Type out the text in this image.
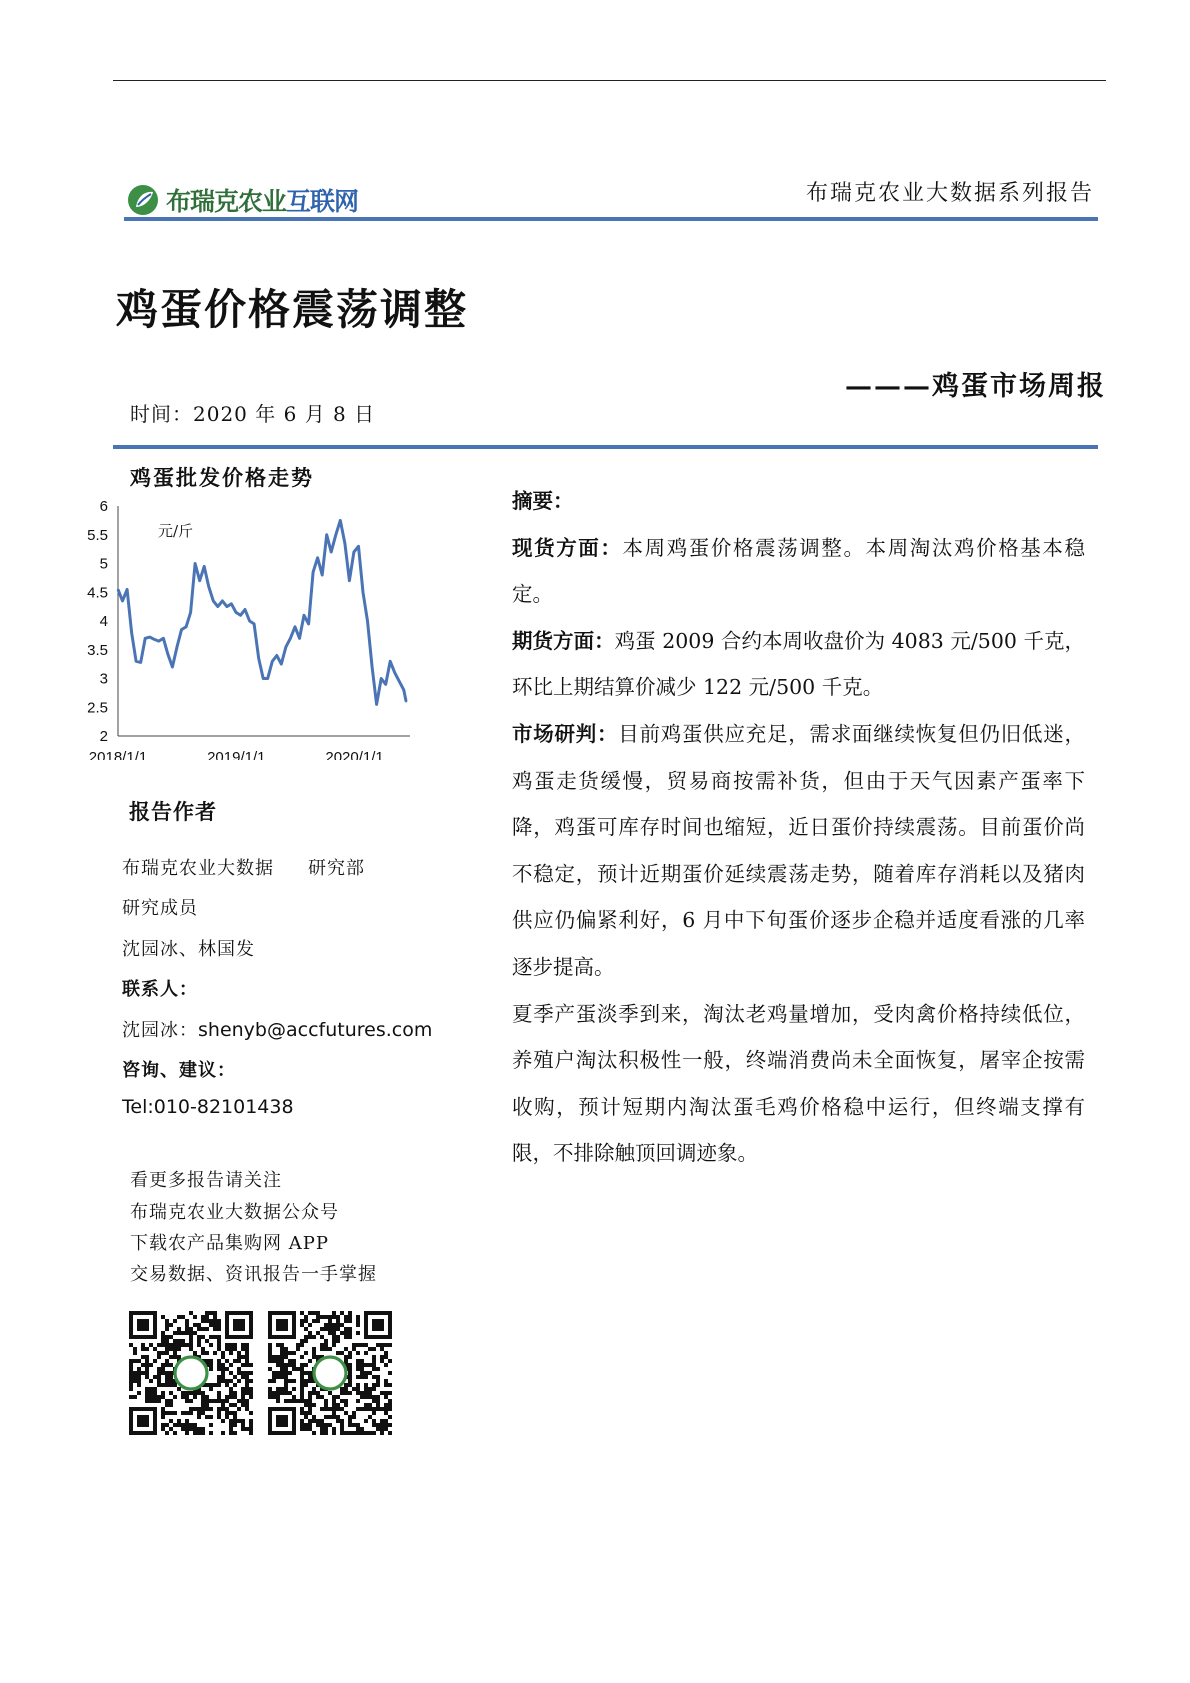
布瑞克农业互联网	布瑞克农业大数据系列报告
鸡蛋价格震荡调整
———鸡蛋市场周报
时间：2020 年 6 月 8 日
鸡蛋批发价格走势
6
5.5
5
4.5
4
3.5
3
2.5
2
2018/1/1	2019/1/1	2020/1/1
元/斤
报告作者
布瑞克农业大数据 研究部
研究成员
沈园冰、林国发
联系人：
沈园冰：shenyb@accfutures.com
咨询、建议：
Tel:010-82101438
看更多报告请关注
布瑞克农业大数据公众号
下载农产品集购网 APP
交易数据、资讯报告一手掌握

摘要：

现货方面：本周鸡蛋价格震荡调整。本周淘汰鸡价格基本稳定。

期货方面：鸡蛋 2009 合约本周收盘价为 4083 元/500 千克，环比上期结算价减少 122 元/500 千克。

市场研判：目前鸡蛋供应充足，需求面继续恢复但仍旧低迷，鸡蛋走货缓慢，贸易商按需补货，但由于天气因素产蛋率下降，鸡蛋可库存时间也缩短，近日蛋价持续震荡。目前蛋价尚不稳定，预计近期蛋价延续震荡走势，随着库存消耗以及猪肉供应仍偏紧利好，6 月中下旬蛋价逐步企稳并适度看涨的几率逐步提高。

夏季产蛋淡季到来，淘汰老鸡量增加，受肉禽价格持续低位，养殖户淘汰积极性一般，终端消费尚未全面恢复，屠宰企按需收购，预计短期内淘汰蛋毛鸡价格稳中运行，但终端支撑有限，不排除触顶回调迹象。
